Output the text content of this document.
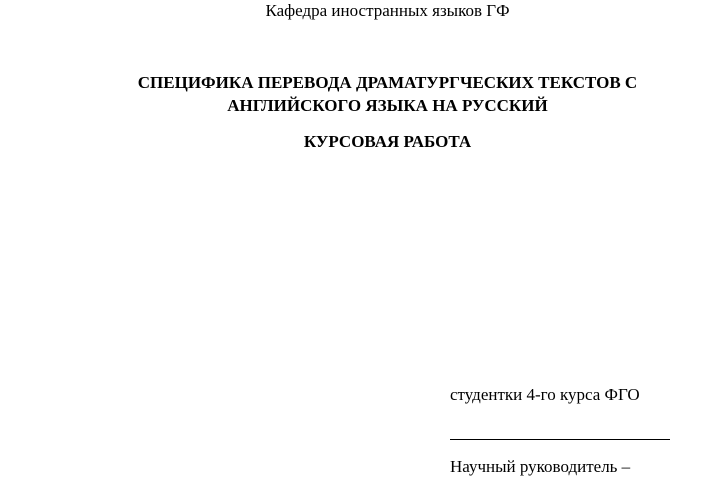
Кафедра иностранных языков ГФ
СПЕЦИФИКА ПЕРЕВОДА ДРАМАТУРГЧЕСКИХ ТЕКСТОВ С
АНГЛИЙСКОГО ЯЗЫКА НА РУССКИЙ
КУРСОВАЯ РАБОТА
студентки 4-го курса ФГО
Научный руководитель –
